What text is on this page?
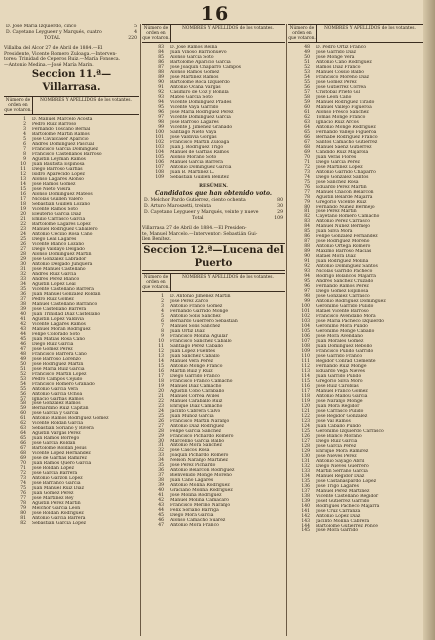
16
D. José María Izquierdo, cinco	5
D. Cayetano Leygueer y Marqués, cuatro	4
TOTAL	220
Villalba del Alcor 27 de Abril de 1884.—El
Presidente, Vicente Romero Zuloaga.—Interven-
tores: Trinidad de Ceperos Ruiz.—María Fonseca.
—Antonio Medina.—José María Marín.
Seccion 11.ª—Villarrasa.
Número de orden en que votaron.
NOMBRES Y APELLIDOS de los votantes.
1	D. Manuel Marcelo Acosta
2	Pedro Ruiz Barroso
3	Fernando Toscano Bernal
4	Bartolomé Martín Ramos
5	José Cavalcaser Aparicio
6	Andrés Domínguez Pascual
7	Francisco García Domínguez
8	Francisco Castellanos Barroso
9	Agustín Leyman Ramos
10	Juan Bautista Espinosa
11	Diego Barroso Garfias
12	Isidro Aparecido López
13	Alonso Lagares Alonso
14	José Ramos Gómez
15	José Nieto Vieira
16	Alonso Domínguez Mateos
17	Nicolás Guillen Valero
18	Sebastián Guillen Lozano
19	Vicente Ramos Soto
20	Eleuterio García Díaz
21	Emilio Carrasco García
22	Bartolomé Lagares López
23	Manuel Rodríguez Caballero
24	Antonio Cecilio Rosa Cano
25	Diego Leal Lagares
26	Vicente Blanco Lozano
27	Diego Valdayo Delgado
28	Alonso Domínguez Martín
29	José Gonzalez Labrador
30	Antonio Delgado Junquera
31	José Manuel Castellano
32	Andrés Ruiz García
33	Andrés Pérez Blanco
34	Agustín López Leal
35	Vicente Castellano Barrera
36	Juan Manuel Gonzalez Roldan
37	Pedro Ruiz Gómez
38	Manuel Castellano Barranco
39	José Castellano Barrera
40	Juan Trinidad Díaz Castellano
41	Agustín López Valdivia
42	Vicente Lagares Ramos
43	Manuel Morán Rodríguez
44	Felipe Colorado Soto
45	Juan Matías Rosa Cano
46	Diego Ruiz García
47	José Gómez Pérez
48	Francisco Barrera Cano
49	José Barroso Lorenzo
50	José Rodríguez Martín
51	José María Ruiz García
52	Francisco Martín López
53	Pedro Campos Cejudo
54	Francisco Romero Granado
55	Antonio García Vera
56	Antonio García Ochoa
57	Ignacio Garfias Ramos
58	José Gonzalez Ramos
59	Bernardino Ruiz Capitan
60	José García y García
61	Antonio Ramos Rodríguez Gómez
62	Vicente Roldan García
63	Sebastián Soriano y Rivera
64	Agustín Vargas Pérez
65	Juan Ramos Borrego
66	José García Roldan
67	Bartolomé Roldan Jesús
68	Vicente López Hernandez
69	José de Garfias Ramírez
70	Juan Ramos Quero García
71	José Roldan López
72	José García Barrera
73	Antonio Garzón López
74	José Barranco García
75	Juan Manuel Ruiz Díaz
76	Juan Gómez Pérez
77	José Martínez Rey
78	Agustín Pérez Martín
79	Melchor García León
80	José Roldan Rodríguez
81	Antonio García Barrera
82	Sebastián García López
Número de orden en que votaron.
NOMBRES Y APELLIDOS de los votantes.
83	D. José Ramos Reina
84	Juan Viñoso Barrionuevo
85	Alonso García Soto
86	Bartolomé Aparicio García
87	José Joaquín Chaparro Campos
88	Alonso Ramos Gómez
89	José Martínez Ramos
90	Bartolomé Roca Izquierdo
91	Antonio Ocaña Vargas
92	Casimiro de Coz y Bonilla
93	Mateo García Soto
94	Vicente Domínguez Prades
95	Vicente Vaya Garrido
96	José María Rodríguez Pérez
97	Vicente Domínguez García
98	José Barroso Lagares
99	Vicente J. Jiménez Granado
100	Santiago Nieto Vaya
101	José Valdivia Gorgas
102	Francisco Martín Zuloaga
103	Juan J. Rodríguez Trigo
104	Manuel de Garfias Ramos
105	Alonso Morano Soto
106	Manuel García Barrera
107	Antonio Domínguez García
108	Juan B. Martínez L.
109	Sebastián Guillen Benítez
RESÚMEN.
Candidatos que han obtenido voto.
D. Melchor Pardo Gutierrez, ciento ochenta	80
D. Arturo Maroszetti, treinta	30
D. Cayetano Leygueer y Marqués, veinte y nueve	29
Total	109
Villarrasa 27 de Abril de 1884.—El Presiden-
te, Manuel Marcelo.—Interventor: Sebastián Gui-
llen Benítez.
Seccion 12.ª—Lucena del Puerto
Número de orden en que votaron.
NOMBRES Y APELLIDOS de los votantes.
1	D. Antonio Jimenez Martín
2	José Pérez Zarco
3	Antonio Franco Gómez
4	Fernando Garrido Monge
5	Antonio Solís Sanchez
6	Bernardo Guerrero Sebastian
7	Manuel Solís Sanchez
8	Juan Ortiz Díaz
9	Francisco Molina Aguilar
10	Francisco Sanchez Caballo
11	Santiago Pérez Caballo
12	Juan López Fuentes
13	Juan Sanchez Caballo
14	Manuel Vera Pérez
15	Antonio Monge Franco
16	Martín Ruiz y Ruiz
17	Diego Garrido Franco
18	Francisco Franco Camacho
19	Manuel Díaz Camacho
20	Agustín Cobo Caraballo
21	Manuel Correa Avilés
22	Manuel Caraballo Ruiz
23	Enrique Díaz Camacho
24	Jacinto Cabrera Calvo
25	Juan Muñoz García
26	Francisco Martín Naranjo
27	Antonio Díaz Rodríguez
28	Felipe García Sanchez
29	Francisco Pichardo Romero
30	Marcelino García Balbo
31	Antonio Mora Sanchez
32	José Cascos Rosa
33	Joaquín Pichardo Romero
34	Nelson Naranjo Martínez
35	José Pérez Pichardo
36	Antonio Belarcon Rodríguez
37	Bienvenido Monge Moreno
38	Juan Cano Lagares
39	Antonio Molina Rodríguez
40	Graciano Molina Rodríguez
41	José Molina Rodríguez
42	Manuel Molina Camacaro
43	Francisco Merino Naranjo
44	Félix Soriano Barriga
45	Diego Mora García
46	Alonso Camacho Suarez
47	Antonio Mora Franco
Número de orden en que votaron.
NOMBRES Y APELLIDOS de los votantes.
48	D. Pedro Ortiz Franco
49	José Garrido Díaz
50	José Monge Vera
51	Antonio Cano Rodríguez
52	Ramos Díaz Franco
53	Manuel Cossío Balbo
54	Francisco Moreno Díaz
55	José Gómez Pérez
56	José Gutierrez Correa
57	Cristóbal Prieto Gil
58	José Leon Cano
59	Manuel Rodríguez Tirado
60	Manuel Vallejo Figueroa
61	Alonso Fresco Sanchez
62	Tomás Monge Franco
63	Ignacio Ruiz Arcos
64	Antonio Monge Rodríguez
65	Fernando Vallejo Figueroa
66	Bernabé Rodríguez Franco
67	Santos Camacho Gutierrez
68	Manuel Sáenz Gutierrez
69	Cándido Ruiz Majarola
70	Juan Veras Flores
71	Diego García Pérez
72	José Martínez López
73	Antonio Garrido Chaparro
74	Diego Gonzalez Santos
75	José Sanchez Rosa
76	Eduardo Pérez Martín
77	Manuel Chacon Belarcon
78	Agustín Belarde Majarra
79	Gregorio Vicente Ruiz
80	Fernando Núñez Bermejo
81	José Pérez Martín
82	Cayetano Romero Camacho
83	Antonio Pérez Carrasco
84	Manuel Núñez Bermejo
85	Juan Silva Mora
86	Felipe Gonzalez Fernandez
87	José Rodríguez Moreno
88	Antonio Ortega Romero
89	Maximo Barroso Macías
90	Rafael Mora Díaz
91	Juan Rodríguez Molina
92	Antonio Domínguez Santos
93	Nicolás Garrido Pacheco
94	Rodrigo Bolancos Majarra
95	Andrés Sanchez Cruzado
96	Fernando Ramos Pérez
97	Diego Gómez Espinosa
98	José Gonzalez Carrasco
99	Antonio Rodríguez Domínguez
100	Gerónimo Garrido Pulido
101	Rafael Vicente Barroso
102	Francisco Avendaño Mora
103	José María Pacheco Izquierdo
104	Gerónimo Mora Pulido
105	Gerónimo Monge Caballo
106	José Mora Avendaño
107	Juan Morales Gómez
108	Juan Domínguez Rebollo
109	Francisco Pulido Garrido
110	José Garrido Franco
111	Regidor Conrad Clemente
112	Fernando Ruiz Monge
113	Eduardo Vega Nieves
114	Juan Garrido Pulido
115	Gregorio Silva Moro
116	José Ruiz Caroblas
117	Manuel Franco Gómez
118	Antonio Mallou García
119	José Naranjo Monge
120	Juan Mora Regidor
121	José Carrasco Pulido
122	José Regidor Gonzalez
123	José Val Ramos
124	Juan Caballo Pulido
125	Gerónimo Izquierdo Carrasco
126	José Blanco Morano
127	Diego Ruiz García
128	José García Pérez
129	Enrique Mora Ramírez
130	José Nieves Pérez
131	Antonio Sayago Abril
132	Diego Nieves Guerrero
133	Martín Serrano García
134	Manuel Regidor Díaz
135	José Castañaspardo López
136	José Trigo Lagares
137	Manuel Pérez Martínez
138	Vicente Castellano Regidor
139	Josef Gutierrez Garrido
140	Rodrigues Pacheco Majarra
141	José Cruz Carranza
142	Antonio López Díaz
143	Jacinto Molina Cabrera
144	Bartolomé Gutierrez Ponce
145	José Mora Garrido
